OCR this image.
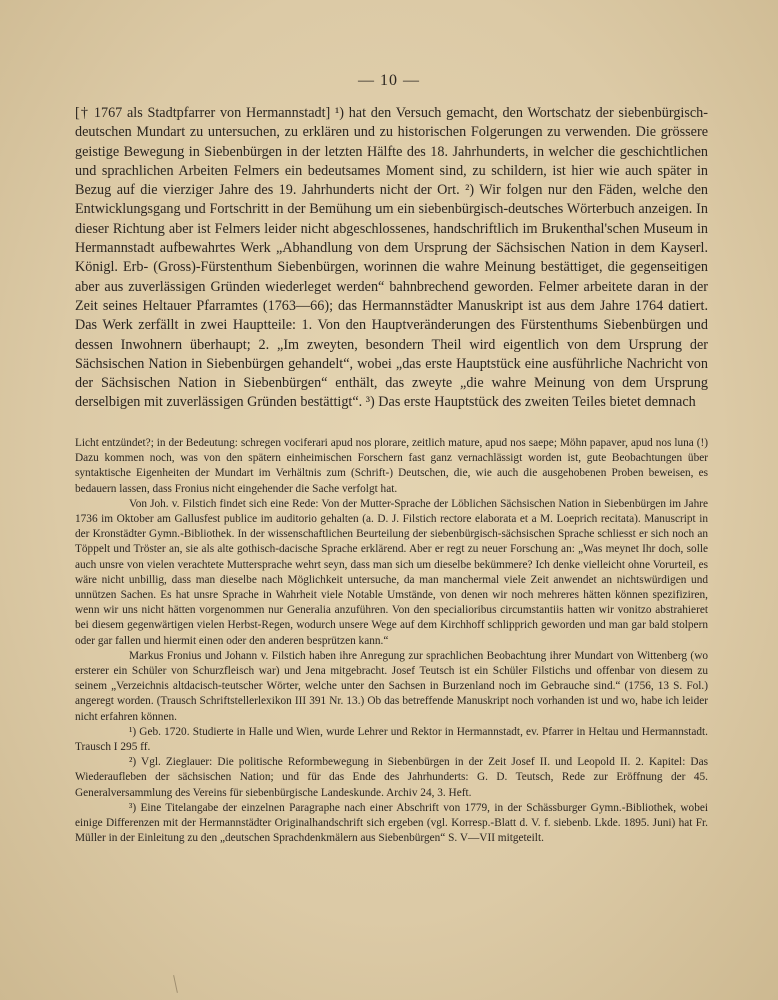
— 10 —

[† 1767 als Stadtpfarrer von Hermannstadt] ¹) hat den Versuch gemacht, den Wortschatz der siebenbürgisch-deutschen Mundart zu untersuchen, zu erklären und zu historischen Folgerungen zu verwenden. Die grössere geistige Bewegung in Siebenbürgen in der letzten Hälfte des 18. Jahrhunderts, in welcher die geschichtlichen und sprachlichen Arbeiten Felmers ein bedeutsames Moment sind, zu schildern, ist hier wie auch später in Bezug auf die vierziger Jahre des 19. Jahrhunderts nicht der Ort. ²) Wir folgen nur den Fäden, welche den Entwicklungsgang und Fortschritt in der Bemühung um ein siebenbürgisch-deutsches Wörterbuch anzeigen. In dieser Richtung aber ist Felmers leider nicht abgeschlossenes, handschriftlich im Brukenthal'schen Museum in Hermannstadt aufbewahrtes Werk „Abhandlung von dem Ursprung der Sächsischen Nation in dem Kayserl. Königl. Erb- (Gross)-Fürstenthum Siebenbürgen, worinnen die wahre Meinung bestättiget, die gegenseitigen aber aus zuverlässigen Gründen wiederleget werden“ bahnbrechend geworden. Felmer arbeitete daran in der Zeit seines Heltauer Pfarramtes (1763—66); das Hermannstädter Manuskript ist aus dem Jahre 1764 datiert. Das Werk zerfällt in zwei Hauptteile: 1. Von den Hauptveränderungen des Fürstenthums Siebenbürgen und dessen Inwohnern überhaupt; 2. „Im zweyten, besondern Theil wird eigentlich von dem Ursprung der Sächsischen Nation in Siebenbürgen gehandelt“, wobei „das erste Hauptstück eine ausführliche Nachricht von der Sächsischen Nation in Siebenbürgen“ enthält, das zweyte „die wahre Meinung von dem Ursprung derselbigen mit zuverlässigen Gründen bestättigt“. ³) Das erste Hauptstück des zweiten Teiles bietet demnach

Licht entzündet?; in der Bedeutung: schregen vociferari apud nos plorare, zeitlich mature, apud nos saepe; Möhn papaver, apud nos luna (!) Dazu kommen noch, was von den spätern einheimischen Forschern fast ganz vernachlässigt worden ist, gute Beobachtungen über syntaktische Eigenheiten der Mundart im Verhältnis zum (Schrift-) Deutschen, die, wie auch die ausgehobenen Proben beweisen, es bedauern lassen, dass Fronius nicht eingehender die Sache verfolgt hat.

Von Joh. v. Filstich findet sich eine Rede: Von der Mutter-Sprache der Löblichen Sächsischen Nation in Siebenbürgen im Jahre 1736 im Oktober am Gallusfest publice im auditorio gehalten (a. D. J. Filstich rectore elaborata et a M. Loeprich recitata). Manuscript in der Kronstädter Gymn.-Bibliothek. In der wissenschaftlichen Beurteilung der siebenbürgisch-sächsischen Sprache schliesst er sich noch an Töppelt und Tröster an, sie als alte gothisch-dacische Sprache erklärend. Aber er regt zu neuer Forschung an: „Was meynet Ihr doch, solle auch unsre von vielen verachtete Muttersprache wehrt seyn, dass man sich um dieselbe bekümmere? Ich denke vielleicht ohne Vorurteil, es wäre nicht unbillig, dass man dieselbe nach Möglichkeit untersuche, da man manchermal viele Zeit anwendet an nichtswürdigen und unnützen Sachen. Es hat unsre Sprache in Wahrheit viele Notable Umstände, von denen wir noch mehreres hätten können spezifiziren, wenn wir uns nicht hätten vorgenommen nur Generalia anzuführen. Von den specialioribus circumstantiis hatten wir vonitzo abstrahieret bei diesem gegenwärtigen vielen Herbst-Regen, wodurch unsere Wege auf dem Kirchhoff schlipprich geworden und man gar bald stolpern oder gar fallen und hiermit einen oder den anderen besprützen kann.“

Markus Fronius und Johann v. Filstich haben ihre Anregung zur sprachlichen Beobachtung ihrer Mundart von Wittenberg (wo ersterer ein Schüler von Schurzfleisch war) und Jena mitgebracht. Josef Teutsch ist ein Schüler Filstichs und offenbar von diesem zu seinem „Verzeichnis altdacisch-teutscher Wörter, welche unter den Sachsen in Burzenland noch im Gebrauche sind.“ (1756, 13 S. Fol.) angeregt worden. (Trausch Schriftstellerlexikon III 391 Nr. 13.) Ob das betreffende Manuskript noch vorhanden ist und wo, habe ich leider nicht erfahren können.

¹) Geb. 1720. Studierte in Halle und Wien, wurde Lehrer und Rektor in Hermannstadt, ev. Pfarrer in Heltau und Hermannstadt. Trausch I 295 ff.

²) Vgl. Zieglauer: Die politische Reformbewegung in Siebenbürgen in der Zeit Josef II. und Leopold II. 2. Kapitel: Das Wiederaufleben der sächsischen Nation; und für das Ende des Jahrhunderts: G. D. Teutsch, Rede zur Eröffnung der 45. Generalversammlung des Vereins für siebenbürgische Landeskunde. Archiv 24, 3. Heft.

³) Eine Titelangabe der einzelnen Paragraphe nach einer Abschrift von 1779, in der Schässburger Gymn.-Bibliothek, wobei einige Differenzen mit der Hermannstädter Originalhandschrift sich ergeben (vgl. Korresp.-Blatt d. V. f. siebenb. Lkde. 1895. Juni) hat Fr. Müller in der Einleitung zu den „deutschen Sprachdenkmälern aus Siebenbürgen“ S. V—VII mitgeteilt.
